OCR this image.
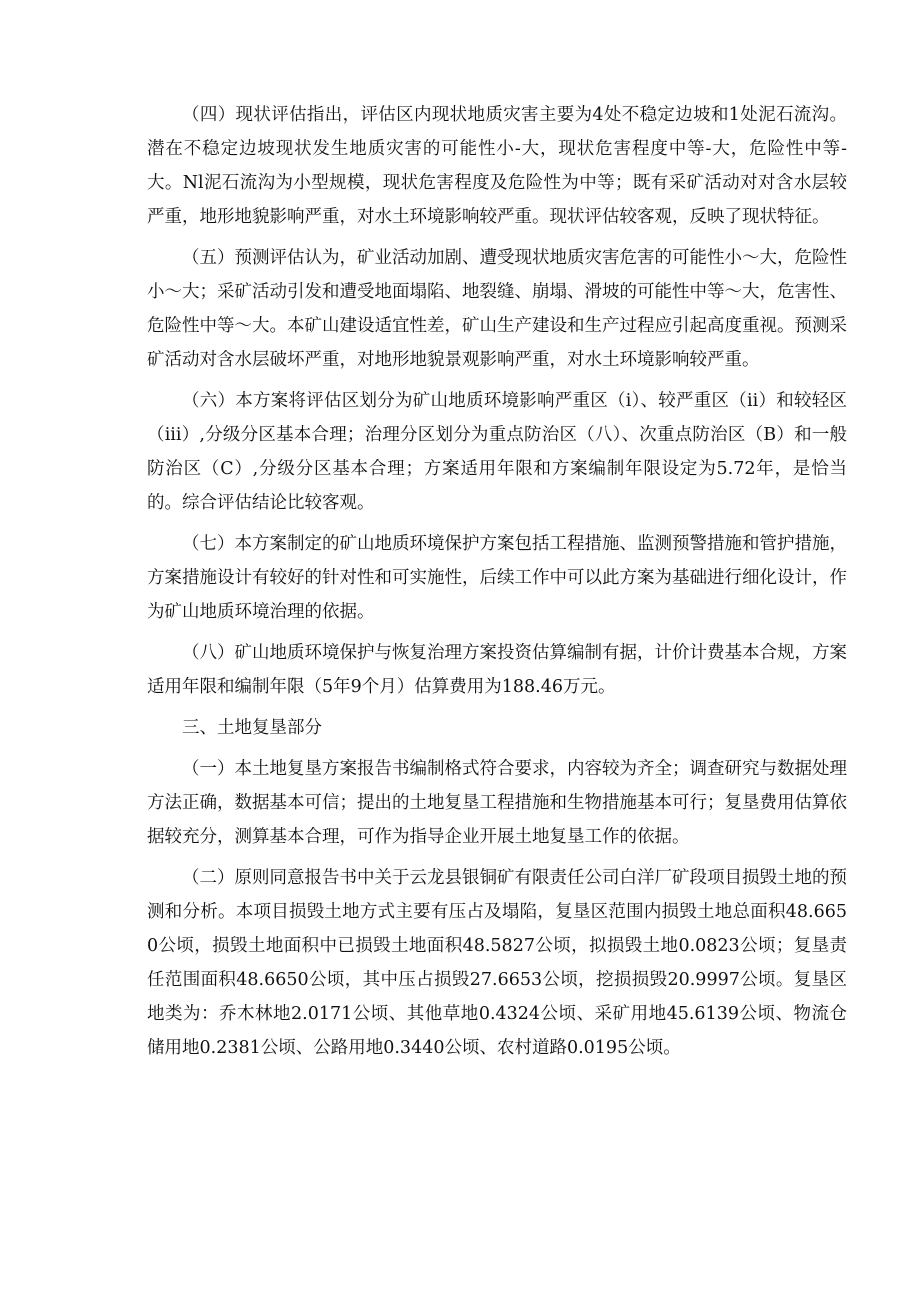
（四）现状评估指出，评估区内现状地质灾害主要为4处不稳定边坡和1处泥石流沟。潜在不稳定边坡现状发生地质灾害的可能性小-大，现状危害程度中等-大，危险性中等-大。Nl泥石流沟为小型规模，现状危害程度及危险性为中等；既有采矿活动对对含水层较严重，地形地貌影响严重，对水土环境影响较严重。现状评估较客观，反映了现状特征。

（五）预测评估认为，矿业活动加剧、遭受现状地质灾害危害的可能性小～大，危险性小～大；采矿活动引发和遭受地面塌陷、地裂缝、崩塌、滑坡的可能性中等～大，危害性、危险性中等～大。本矿山建设适宜性差，矿山生产建设和生产过程应引起高度重视。预测采矿活动对含水层破坏严重，对地形地貌景观影响严重，对水土环境影响较严重。

（六）本方案将评估区划分为矿山地质环境影响严重区（i）、较严重区（ii）和较轻区（iii）,分级分区基本合理；治理分区划分为重点防治区（八）、次重点防治区（B）和一般防治区（C）,分级分区基本合理；方案适用年限和方案编制年限设定为5.72年，是恰当的。综合评估结论比较客观。

（七）本方案制定的矿山地质环境保护方案包括工程措施、监测预警措施和管护措施，方案措施设计有较好的针对性和可实施性，后续工作中可以此方案为基础进行细化设计，作为矿山地质环境治理的依据。

（八）矿山地质环境保护与恢复治理方案投资估算编制有据，计价计费基本合规，方案适用年限和编制年限（5年9个月）估算费用为188.46万元。

三、土地复垦部分

（一）本土地复垦方案报告书编制格式符合要求，内容较为齐全；调查研究与数据处理方法正确，数据基本可信；提出的土地复垦工程措施和生物措施基本可行；复垦费用估算依据较充分，测算基本合理，可作为指导企业开展土地复垦工作的依据。

（二）原则同意报告书中关于云龙县银铜矿有限责任公司白洋厂矿段项目损毁土地的预测和分析。本项目损毁土地方式主要有压占及塌陷，复垦区范围内损毁土地总面积48.6650公顷，损毁土地面积中已损毁土地面积48.5827公顷，拟损毁土地0.0823公顷；复垦责任范围面积48.6650公顷，其中压占损毁27.6653公顷，挖损损毁20.9997公顷。复垦区地类为：乔木林地2.0171公顷、其他草地0.4324公顷、采矿用地45.6139公顷、物流仓储用地0.2381公顷、公路用地0.3440公顷、农村道路0.0195公顷。
